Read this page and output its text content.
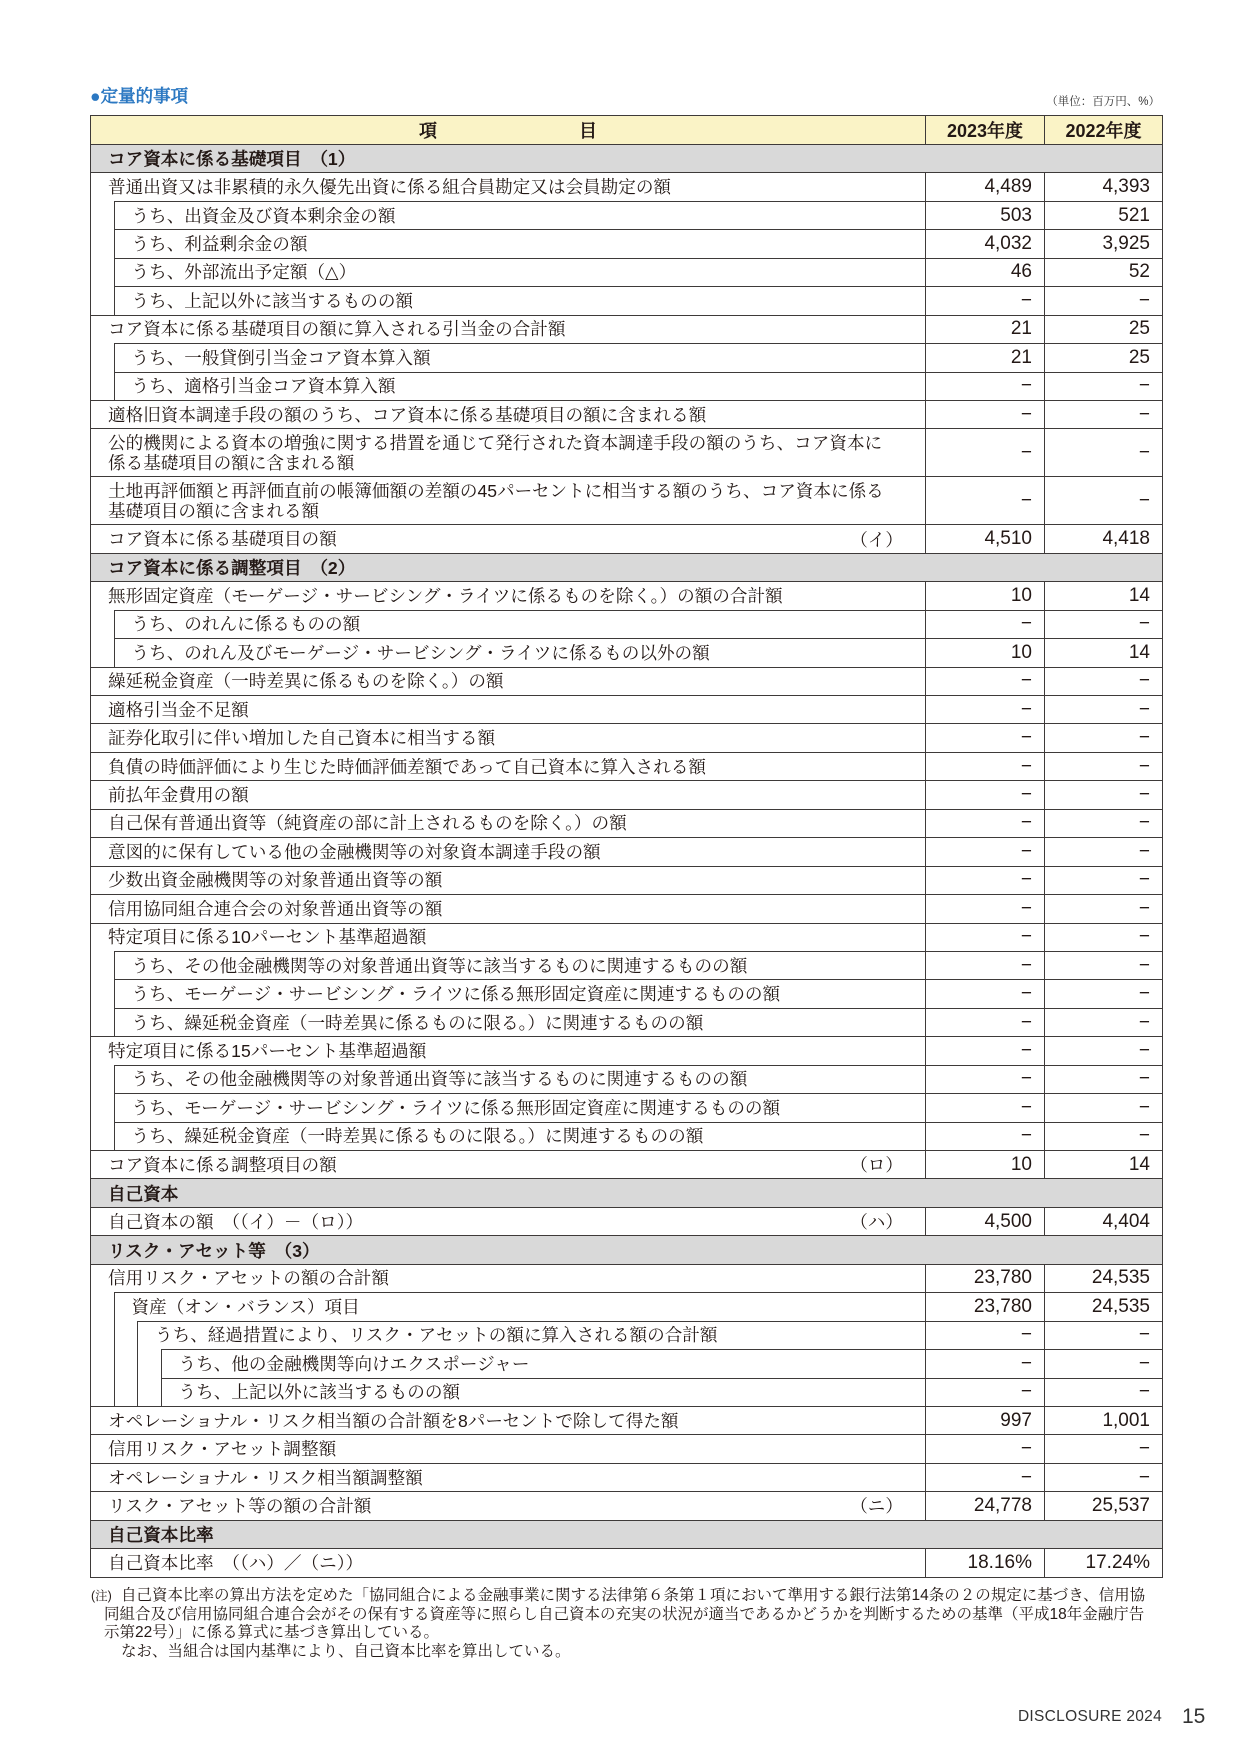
●定量的事項	（単位：百万円、%）
項	目	2023年度	2022年度
コア資本に係る基礎項目　（1）
普通出資又は非累積的永久優先出資に係る組合員勘定又は会員勘定の額	4,489	4,393
うち、出資金及び資本剰余金の額	503	521
うち、利益剰余金の額	4,032	3,925
うち、外部流出予定額（△）	46	52
うち、上記以外に該当するものの額	−	−
コア資本に係る基礎項目の額に算入される引当金の合計額	21	25
うち、一般貸倒引当金コア資本算入額	21	25
うち、適格引当金コア資本算入額	−	−
適格旧資本調達手段の額のうち、コア資本に係る基礎項目の額に含まれる額	−	−
公的機関による資本の増強に関する措置を通じて発行された資本調達手段の額のうち、コア資本に
係る基礎項目の額に含まれる額	−	−
土地再評価額と再評価直前の帳簿価額の差額の45パーセントに相当する額のうち、コア資本に係る
基礎項目の額に含まれる額	−	−
コア資本に係る基礎項目の額	（イ）	4,510	4,418
コア資本に係る調整項目　（2）
無形固定資産（モーゲージ・サービシング・ライツに係るものを除く。）の額の合計額	10	14
うち、のれんに係るものの額	−	−
うち、のれん及びモーゲージ・サービシング・ライツに係るもの以外の額	10	14
繰延税金資産（一時差異に係るものを除く。）の額	−	−
適格引当金不足額	−	−
証券化取引に伴い増加した自己資本に相当する額	−	−
負債の時価評価により生じた時価評価差額であって自己資本に算入される額	−	−
前払年金費用の額	−	−
自己保有普通出資等（純資産の部に計上されるものを除く。）の額	−	−
意図的に保有している他の金融機関等の対象資本調達手段の額	−	−
少数出資金融機関等の対象普通出資等の額	−	−
信用協同組合連合会の対象普通出資等の額	−	−
特定項目に係る10パーセント基準超過額	−	−
うち、その他金融機関等の対象普通出資等に該当するものに関連するものの額	−	−
うち、モーゲージ・サービシング・ライツに係る無形固定資産に関連するものの額	−	−
うち、繰延税金資産（一時差異に係るものに限る。）に関連するものの額	−	−
特定項目に係る15パーセント基準超過額	−	−
うち、その他金融機関等の対象普通出資等に該当するものに関連するものの額	−	−
うち、モーゲージ・サービシング・ライツに係る無形固定資産に関連するものの額	−	−
うち、繰延税金資産（一時差異に係るものに限る。）に関連するものの額	−	−
コア資本に係る調整項目の額	（ロ）	10	14
自己資本
自己資本の額　（（イ）－（ロ））	（ハ）	4,500	4,404
リスク・アセット等　（3）
信用リスク・アセットの額の合計額	23,780	24,535
資産（オン・バランス）項目	23,780	24,535
うち、経過措置により、リスク・アセットの額に算入される額の合計額	−	−
うち、他の金融機関等向けエクスポージャー	−	−
うち、上記以外に該当するものの額	−	−
オペレーショナル・リスク相当額の合計額を8パーセントで除して得た額	997	1,001
信用リスク・アセット調整額	−	−
オペレーショナル・リスク相当額調整額	−	−
リスク・アセット等の額の合計額	（ニ）	24,778	25,537
自己資本比率
自己資本比率　（（ハ）／（ニ））	18.16%	17.24%
(注) 自己資本比率の算出方法を定めた「協同組合による金融事業に関する法律第６条第１項において準用する銀行法第14条の２の規定に基づき、信用協
同組合及び信用協同組合連合会がその保有する資産等に照らし自己資本の充実の状況が適当であるかどうかを判断するための基準（平成18年金融庁告
示第22号）」に係る算式に基づき算出している。

なお、当組合は国内基準により、自己資本比率を算出している。

DISCLOSURE 2024 15
